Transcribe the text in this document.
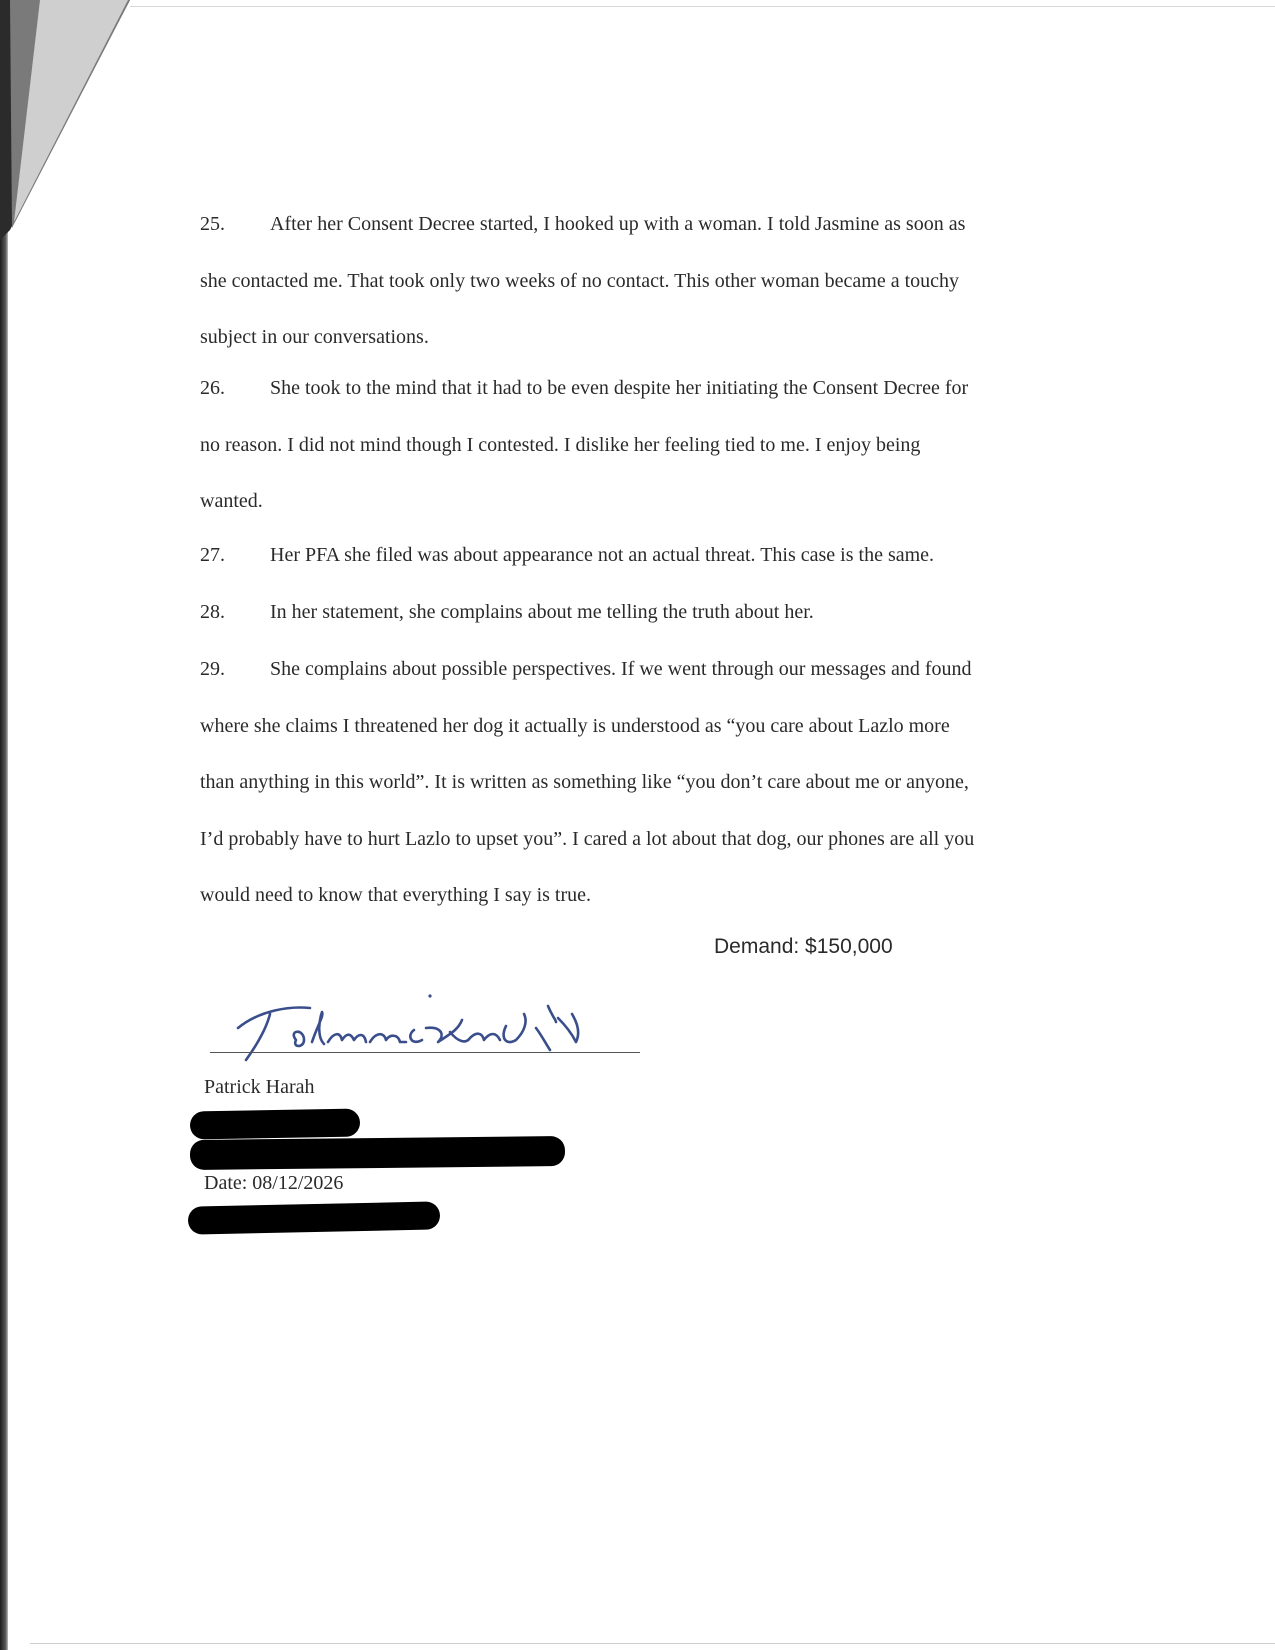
25. After her Consent Decree started, I hooked up with a woman. I told Jasmine as soon as
she contacted me. That took only two weeks of no contact. This other woman became a touchy
subject in our conversations.
26. She took to the mind that it had to be even despite her initiating the Consent Decree for
no reason. I did not mind though I contested. I dislike her feeling tied to me. I enjoy being
wanted.
27. Her PFA she filed was about appearance not an actual threat. This case is the same.
28. In her statement, she complains about me telling the truth about her.
29. She complains about possible perspectives. If we went through our messages and found
where she claims I threatened her dog it actually is understood as “you care about Lazlo more
than anything in this world”. It is written as something like “you don’t care about me or anyone,
I’d probably have to hurt Lazlo to upset you”. I cared a lot about that dog, our phones are all you
would need to know that everything I say is true.
Demand: $150,000
Patrick Harah
Date: 08/12/2026
